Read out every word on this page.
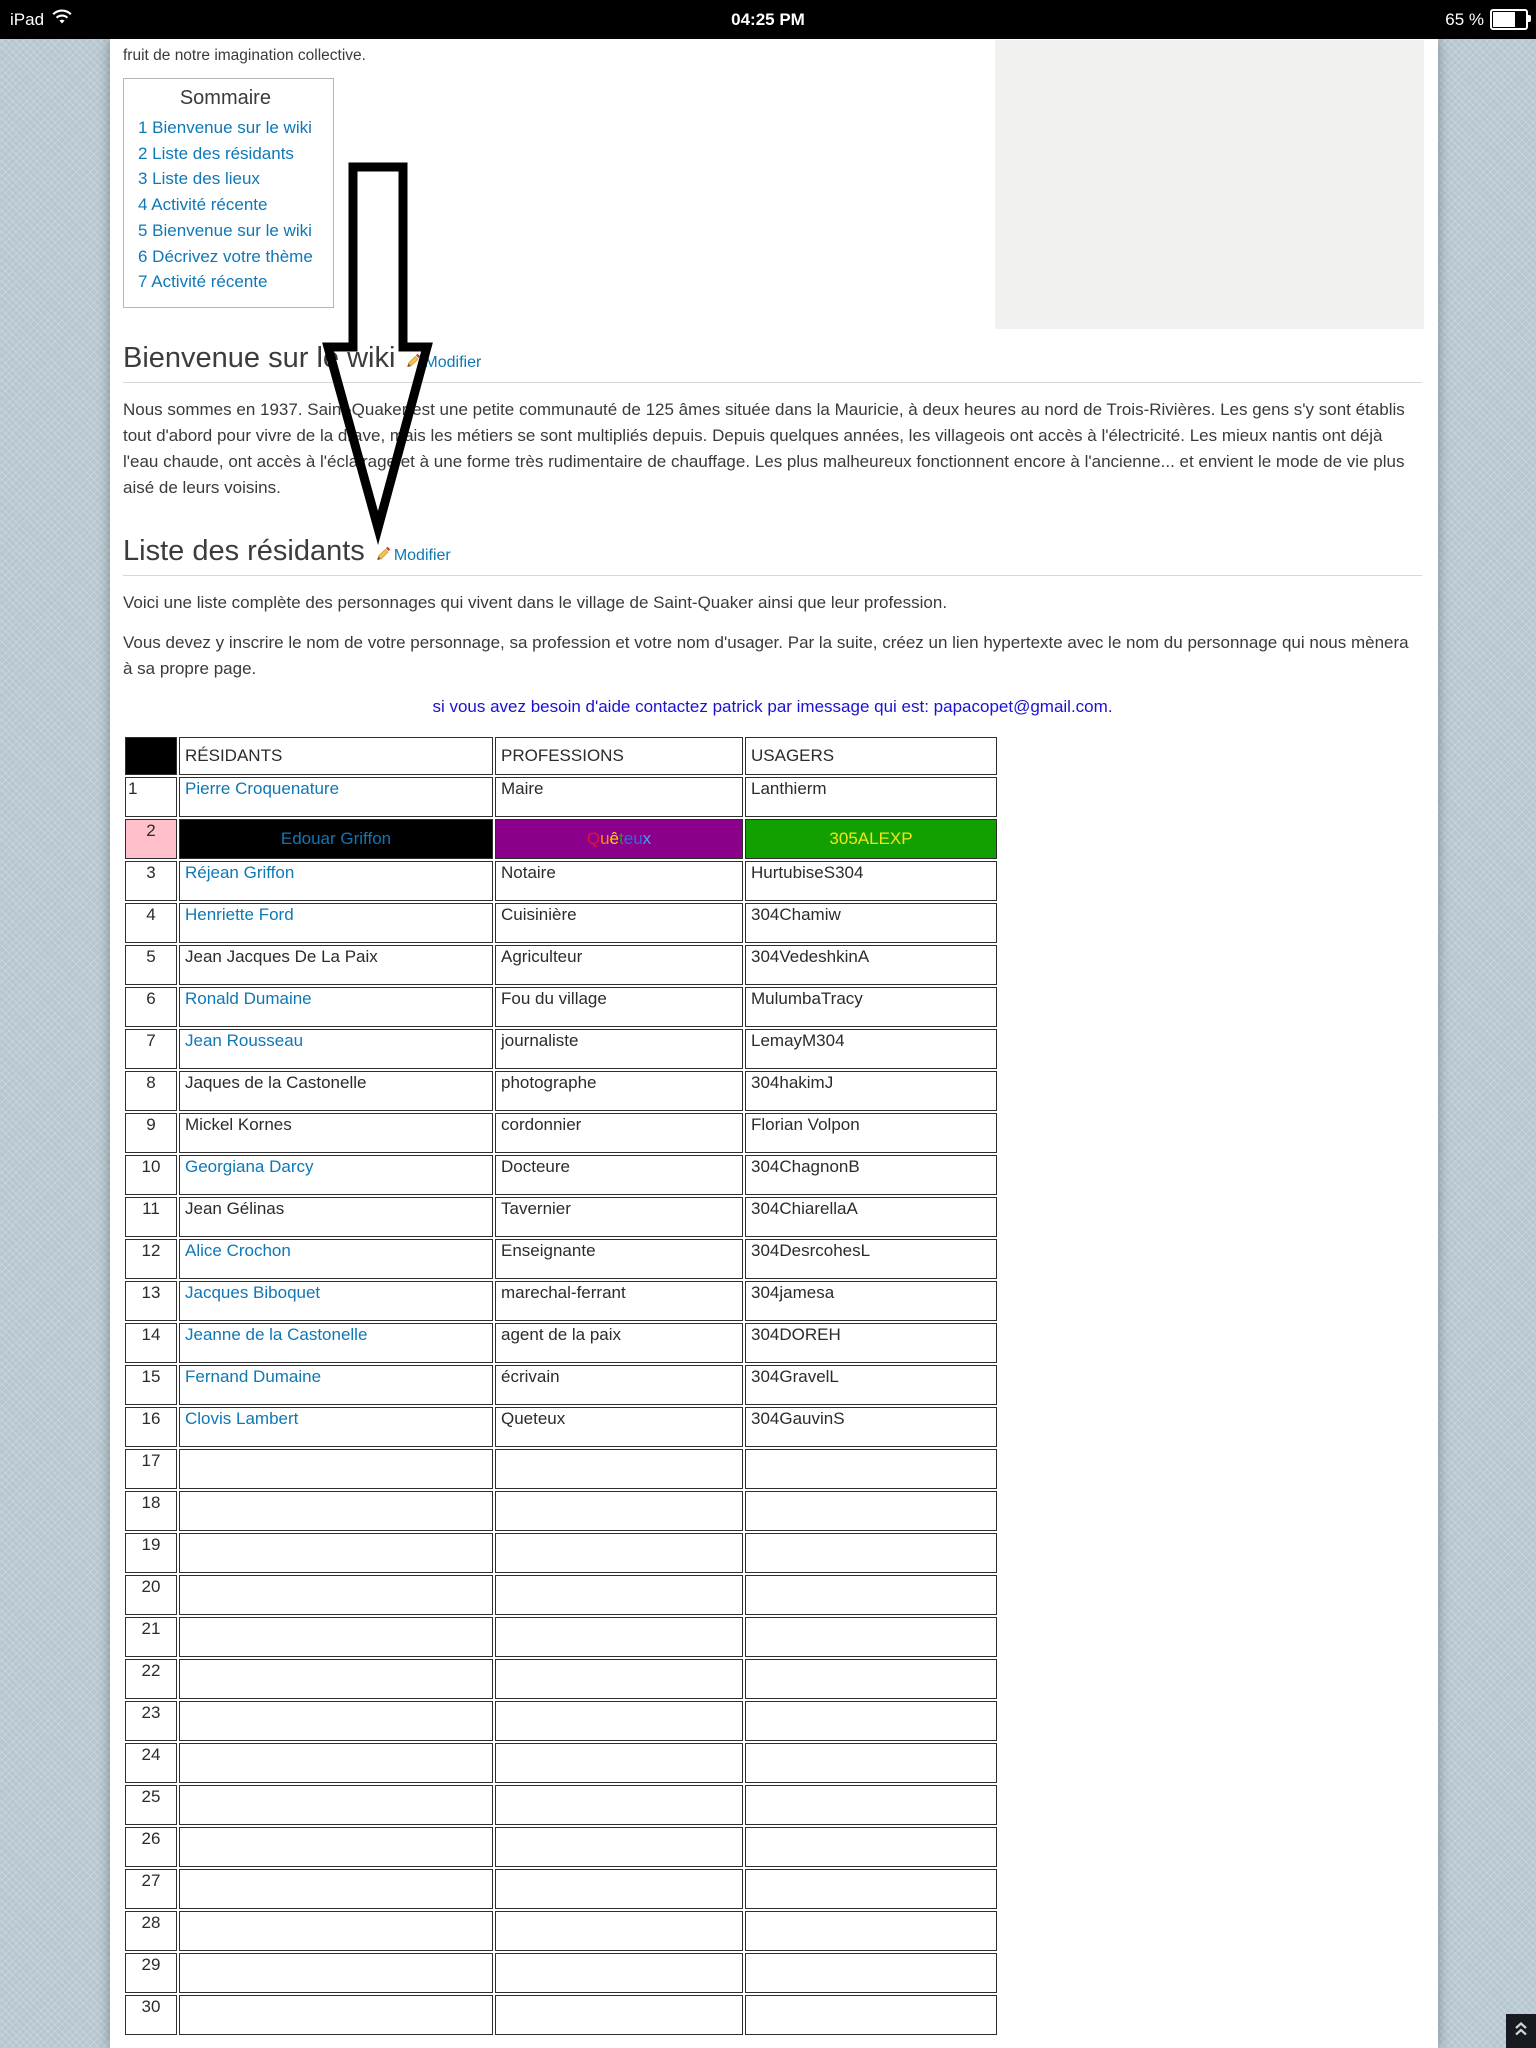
iPad	04:25 PM	65 %
fruit de notre imagination collective.
Sommaire
1 Bienvenue sur le wiki
2 Liste des résidants
3 Liste des lieux
4 Activité récente
5 Bienvenue sur le wiki
6 Décrivez votre thème
7 Activité récente
Bienvenue sur le wiki Modifier

Nous sommes en 1937. Saint-Quaker est une petite communauté de 125 âmes située dans la Mauricie, à deux heures au nord de Trois-Rivières. Les gens s'y sont établis tout d'abord pour vivre de la drave, mais les métiers se sont multipliés depuis. Depuis quelques années, les villageois ont accès à l'électricité. Les mieux nantis ont déjà l'eau chaude, ont accès à l'éclairage et à une forme très rudimentaire de chauffage. Les plus malheureux fonctionnent encore à l'ancienne... et envient le mode de vie plus aisé de leurs voisins.

Liste des résidants Modifier

Voici une liste complète des personnages qui vivent dans le village de Saint-Quaker ainsi que leur profession.

Vous devez y inscrire le nom de votre personnage, sa profession et votre nom d'usager. Par la suite, créez un lien hypertexte avec le nom du personnage qui nous mènera à sa propre page.

si vous avez besoin d'aide contactez patrick par imessage qui est: papacopet@gmail.com.
	RÉSIDANTS	PROFESSIONS	USAGERS
1	Pierre Croquenature	Maire	Lanthierm
2	Edouar Griffon	Quêteux	305ALEXP
3	Réjean Griffon	Notaire	HurtubiseS304
4	Henriette Ford	Cuisinière	304Chamiw
5	Jean Jacques De La Paix	Agriculteur	304VedeshkinA
6	Ronald Dumaine	Fou du village	MulumbaTracy
7	Jean Rousseau	journaliste	LemayM304
8	Jaques de la Castonelle	photographe	304hakimJ
9	Mickel Kornes	cordonnier	Florian Volpon
10	Georgiana Darcy	Docteure	304ChagnonB
11	Jean Gélinas	Tavernier	304ChiarellaA
12	Alice Crochon	Enseignante	304DesrcohesL
13	Jacques Biboquet	marechal-ferrant	304jamesa
14	Jeanne de la Castonelle	agent de la paix	304DOREH
15	Fernand Dumaine	écrivain	304GravelL
16	Clovis Lambert	Queteux	304GauvinS
17			
18			
19			
20			
21			
22			
23			
24			
25			
26			
27			
28			
29			
30			
